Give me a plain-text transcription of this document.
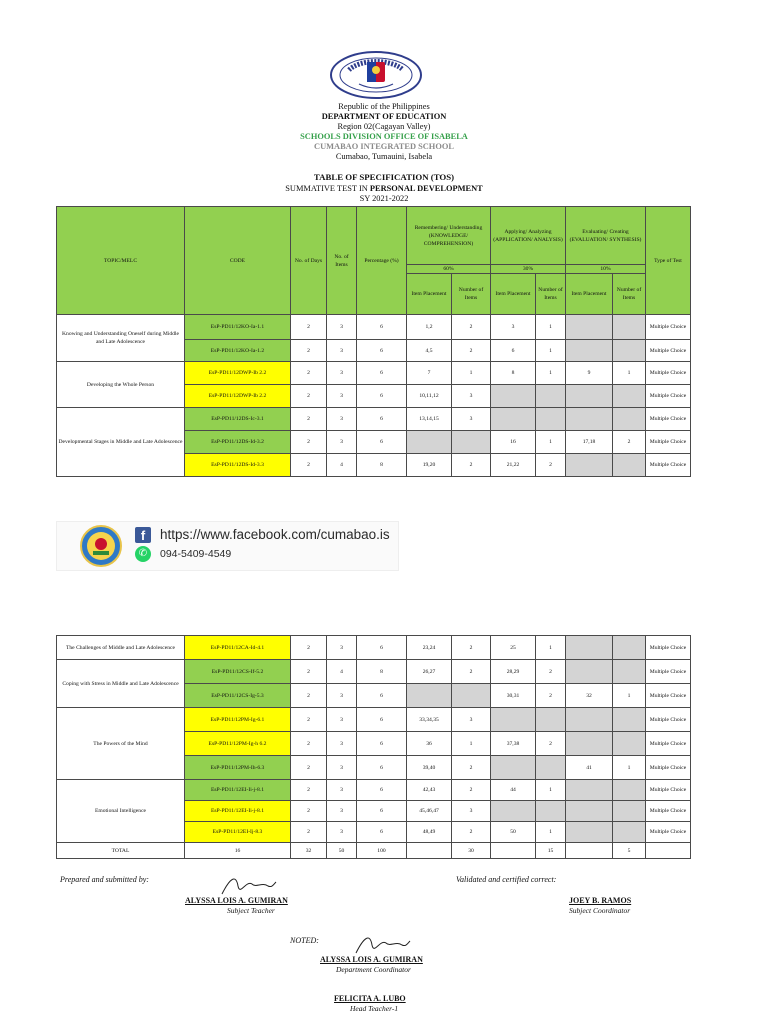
Republic of the Philippines
DEPARTMENT OF EDUCATION
Region 02(Cagayan Valley)
SCHOOLS DIVISION OFFICE OF ISABELA
CUMABAO INTEGRATED SCHOOL
Cumabao, Tumauini, Isabela
TABLE OF SPECIFICATION (TOS)
SUMMATIVE TEST IN PERSONAL DEVELOPMENT
SY 2021-2022
TOPIC/MELC	CODE	No. of Days	No. of Items	Percentage (%)	Remembering/ Understanding (KNOWLEDGE/ COMPREHENSION)		Applying/ Analyzing (APPLICATION/ ANALYSIS)		Evaluating/ Creating (EVALUATION/ SYNTHESIS)		Type of Test
					60%		30%		10%		
					Item Placement	Number of Items	Item Placement	Number of Items	Item Placement	Number of Items	
Knowing and Understanding Oneself during Middle and Late Adolescence	EsP-PD11/12KO-Ia-1.1	2	3	6	1,2	2	3	1			Multiple Choice
	EsP-PD11/12KO-Ia-1.2	2	3	6	4,5	2	6	1			Multiple Choice
Developing the Whole Person	EsP-PD11/12DWP-Ib 2.2	2	3	6	7	1	8	1	9	1	Multiple Choice
	EsP-PD11/12DWP-Ib 2.2	2	3	6	10,11,12	3					Multiple Choice
Developmental Stages in Middle and Late Adolescence	EsP-PD11/12DS-Ic-3.1	2	3	6	13,14,15	3					Multiple Choice
	EsP-PD11/12DS-Id-3.2	2	3	6			16	1	17,18	2	Multiple Choice
	EsP-PD11/12DS-Id-3.3	2	4	8	19,20	2	21,22	2			Multiple Choice
f	https://www.facebook.com/cumabao.is
✆	094-5409-4549
The Challenges of Middle and Late Adolescence	EsP-PD11/12CA-Id-4.1	2	3	6	23,24	2	25	1			Multiple Choice
Coping with Stress in Middle and Late Adolescence	EsP-PD11/12CS-If-5.2	2	4	8	26,27	2	28,29	2			Multiple Choice
	EsP-PD11/12CS-Ig-5.3	2	3	6			30,31	2	32	1	Multiple Choice
The Powers of the Mind	EsP-PD11/12PM-Ig-6.1	2	3	6	33,34,35	3					Multiple Choice
	EsP-PD11/12PM-Ig-h 6.2	2	3	6	36	1	37,38	2			Multiple Choice
	EsP-PD11/12PM-Ih-6.3	2	3	6	39,40	2			41	1	Multiple Choice
Emotional Intelligence	EsP-PD11/12EI-Ii-j-8.1	2	3	6	42,43	2	44	1			Multiple Choice
	EsP-PD11/12EI-Ii-j-8.1	2	3	6	45,46,47	3					Multiple Choice
	EsP-PD11/12EI-Ij-8.3	2	3	6	48,49	2	50	1			Multiple Choice
TOTAL	16	32	50	100		30		15		5	
Prepared and submitted by:	Validated and certified correct:
ALYSSA LOIS A. GUMIRAN
Subject Teacher
JOEY B. RAMOS
Subject Coordinator
NOTED:
ALYSSA LOIS A. GUMIRAN
Department Coordinator
FELICITA A. LUBO
Head Teacher-1
